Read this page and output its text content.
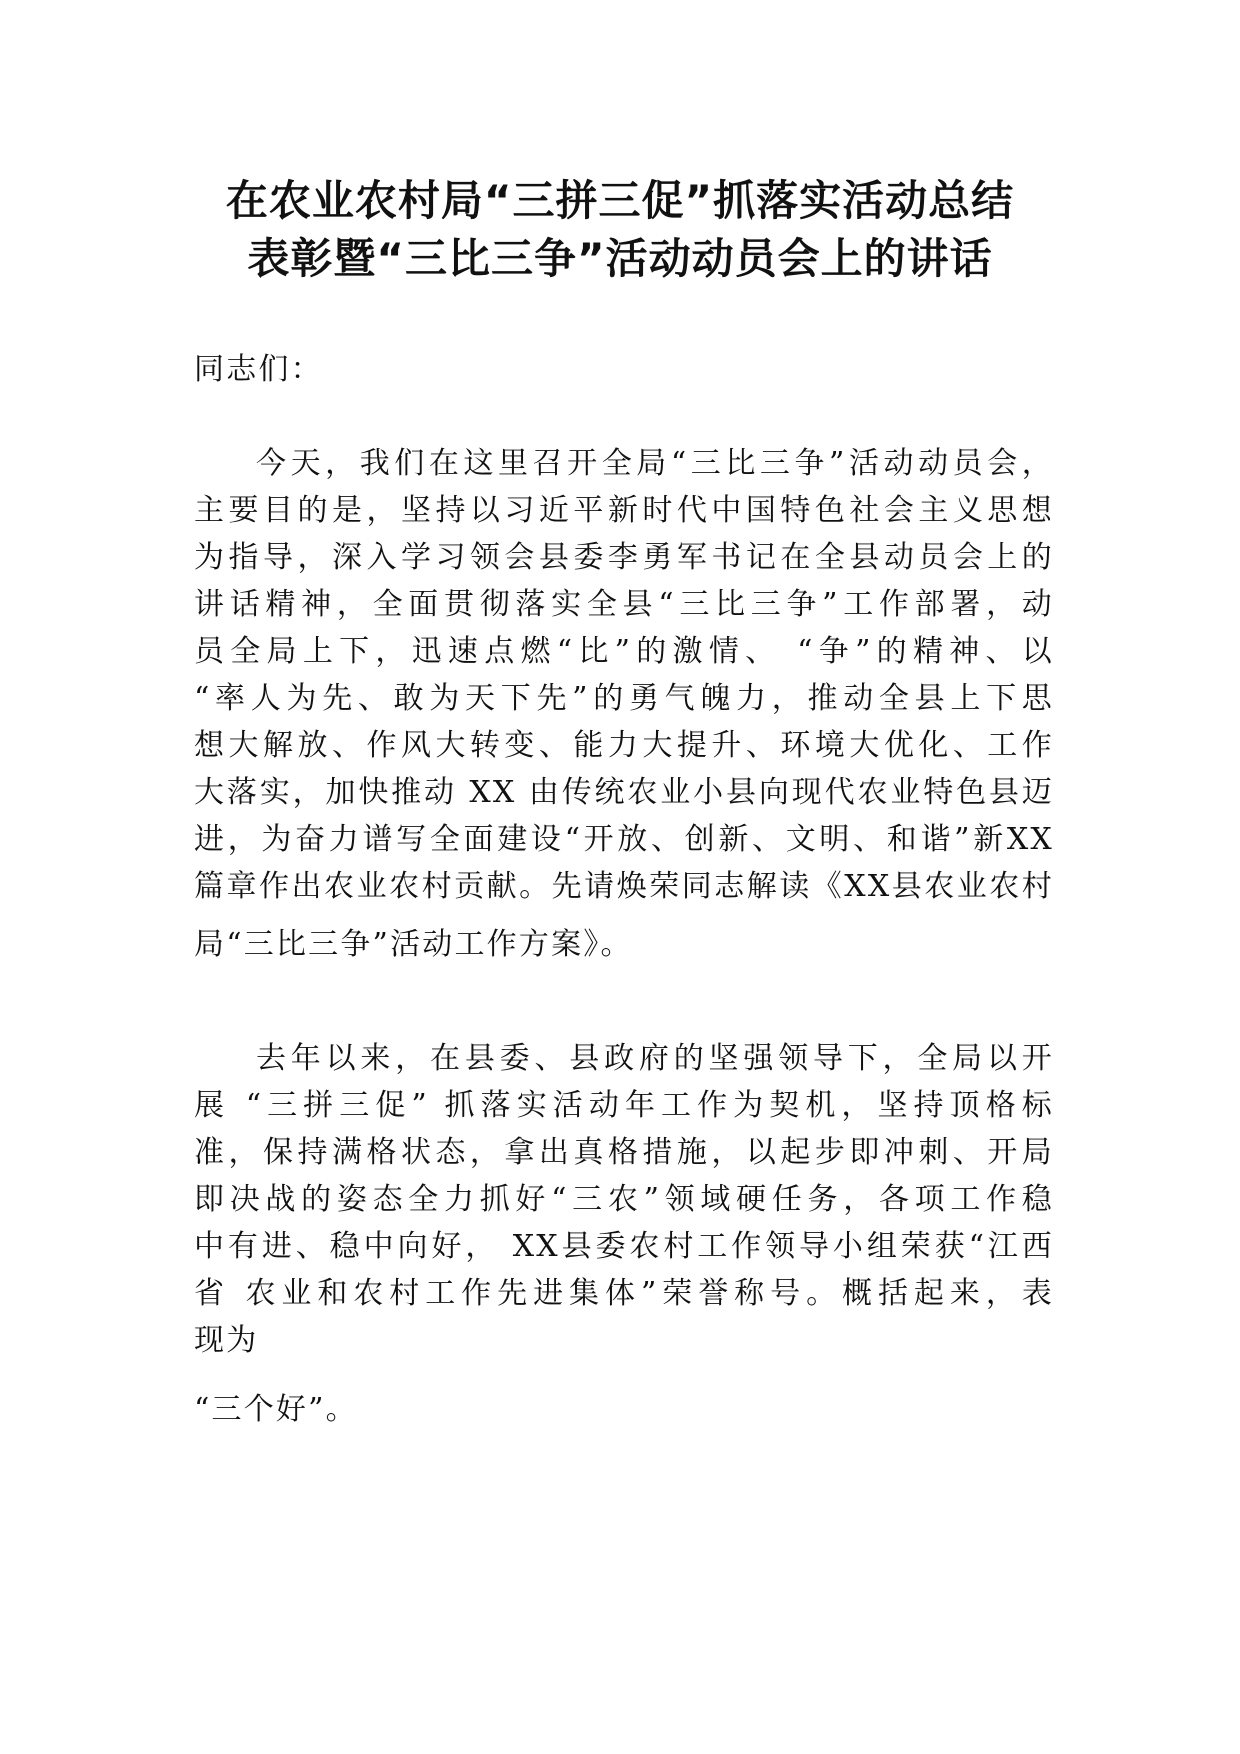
在农业农村局“三拼三促”抓落实活动总结
表彰暨“三比三争”活动动员会上的讲话
同志们：
今天，我们在这里召开全局“三比三争”活动动员会，
主要目的是，坚持以习近平新时代中国特色社会主义思想
为指导，深入学习领会县委李勇军书记在全县动员会上的
讲话精神，全面贯彻落实全县“三比三争”工作部署，动
员全局上下，迅速点燃“比”的激情、 “争”的精神、以
“率人为先、敢为天下先”的勇气魄力，推动全县上下思
想大解放、作风大转变、能力大提升、环境大优化、工作
大落实，加快推动 XX 由传统农业小县向现代农业特色县迈
进，为奋力谱写全面建设“开放、创新、文明、和谐”新XX
篇章作出农业农村贡献。先请焕荣同志解读《XX县农业农村
局“三比三争”活动工作方案》。
去年以来，在县委、县政府的坚强领导下，全局以开
展 “三拼三促” 抓落实活动年工作为契机，坚持顶格标
准，保持满格状态，拿出真格措施，以起步即冲刺、开局
即决战的姿态全力抓好“三农”领域硬任务，各项工作稳
中有进、稳中向好， XX县委农村工作领导小组荣获“江西
省 农业和农村工作先进集体”荣誉称号。概括起来，表
现为
“三个好”。
